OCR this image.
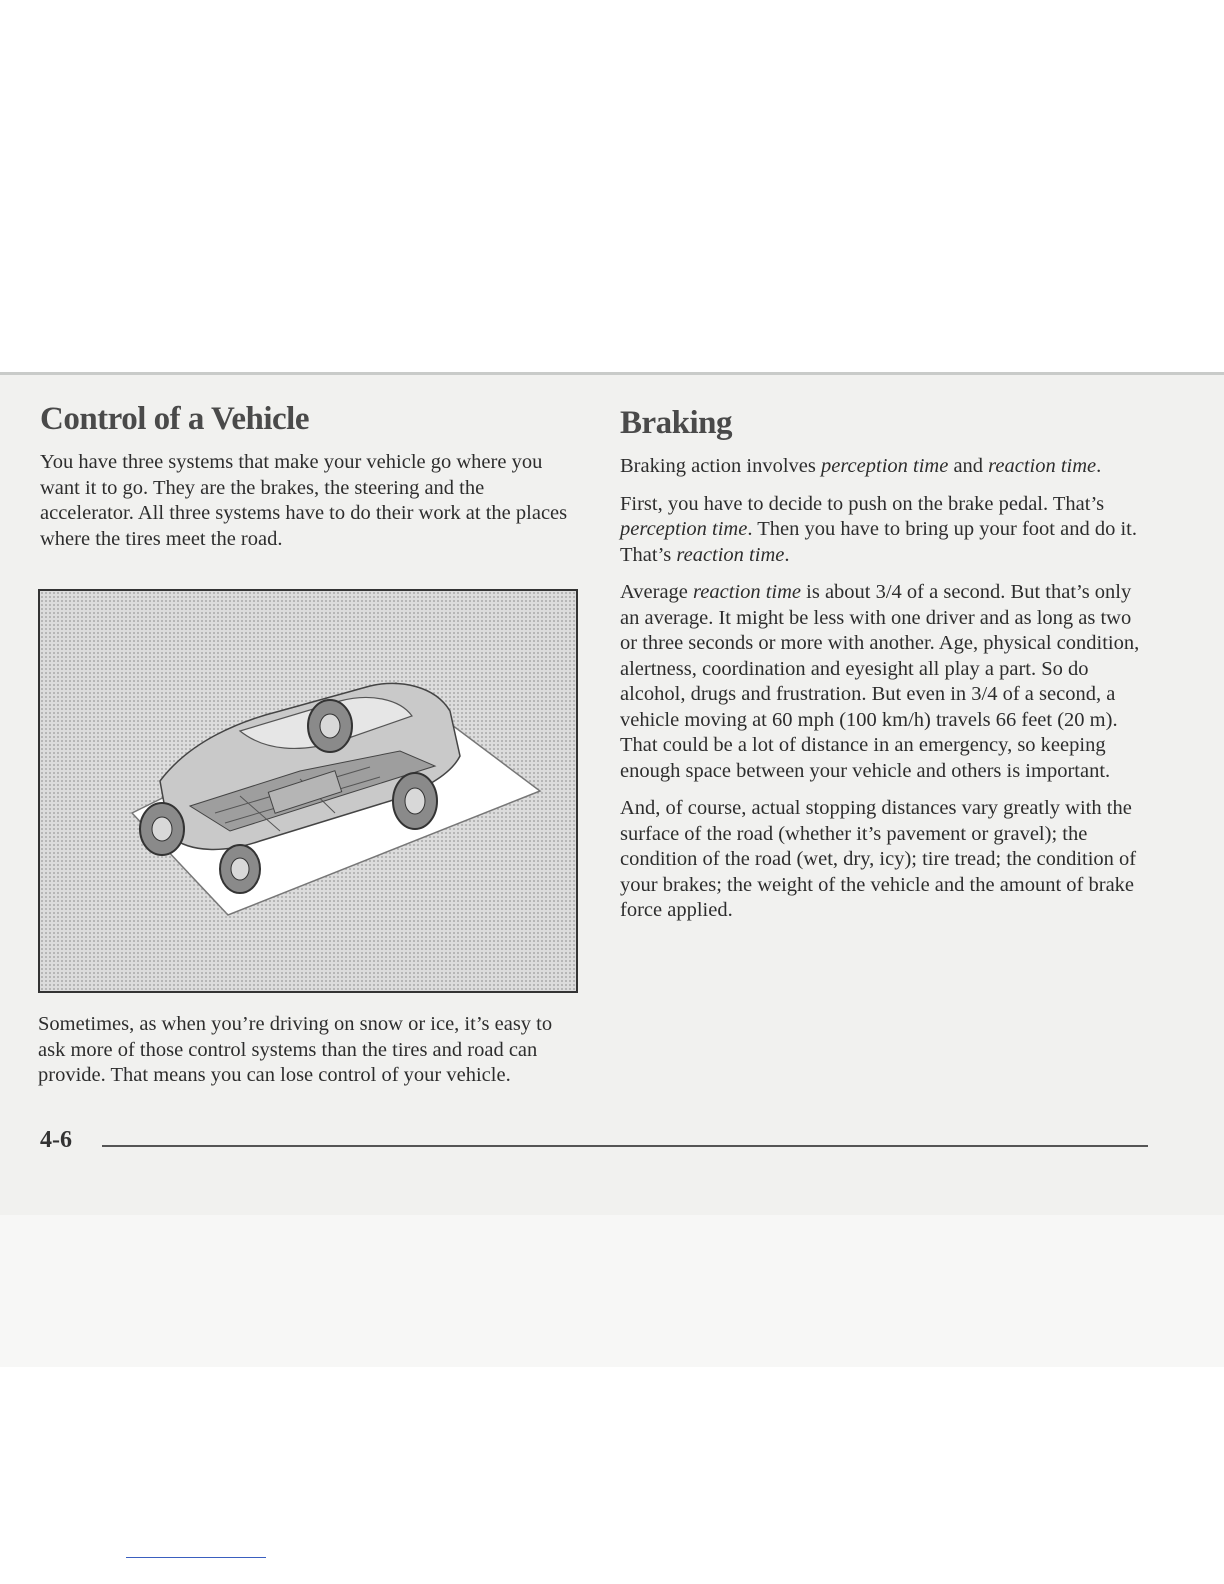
Control of a Vehicle

You have three systems that make your vehicle go where you want it to go. They are the brakes, the steering and the accelerator. All three systems have to do their work at the places where the tires meet the road.

Sometimes, as when you’re driving on snow or ice, it’s easy to ask more of those control systems than the tires and road can provide. That means you can lose control of your vehicle.

Braking

Braking action involves perception time and reaction time.

First, you have to decide to push on the brake pedal. That’s perception time. Then you have to bring up your foot and do it. That’s reaction time.

Average reaction time is about 3/4 of a second. But that’s only an average. It might be less with one driver and as long as two or three seconds or more with another. Age, physical condition, alertness, coordination and eyesight all play a part. So do alcohol, drugs and frustration. But even in 3/4 of a second, a vehicle moving at 60 mph (100 km/h) travels 66 feet (20 m). That could be a lot of distance in an emergency, so keeping enough space between your vehicle and others is important.

And, of course, actual stopping distances vary greatly with the surface of the road (whether it’s pavement or gravel); the condition of the road (wet, dry, icy); tire tread; the condition of your brakes; the weight of the vehicle and the amount of brake force applied.

4-6
